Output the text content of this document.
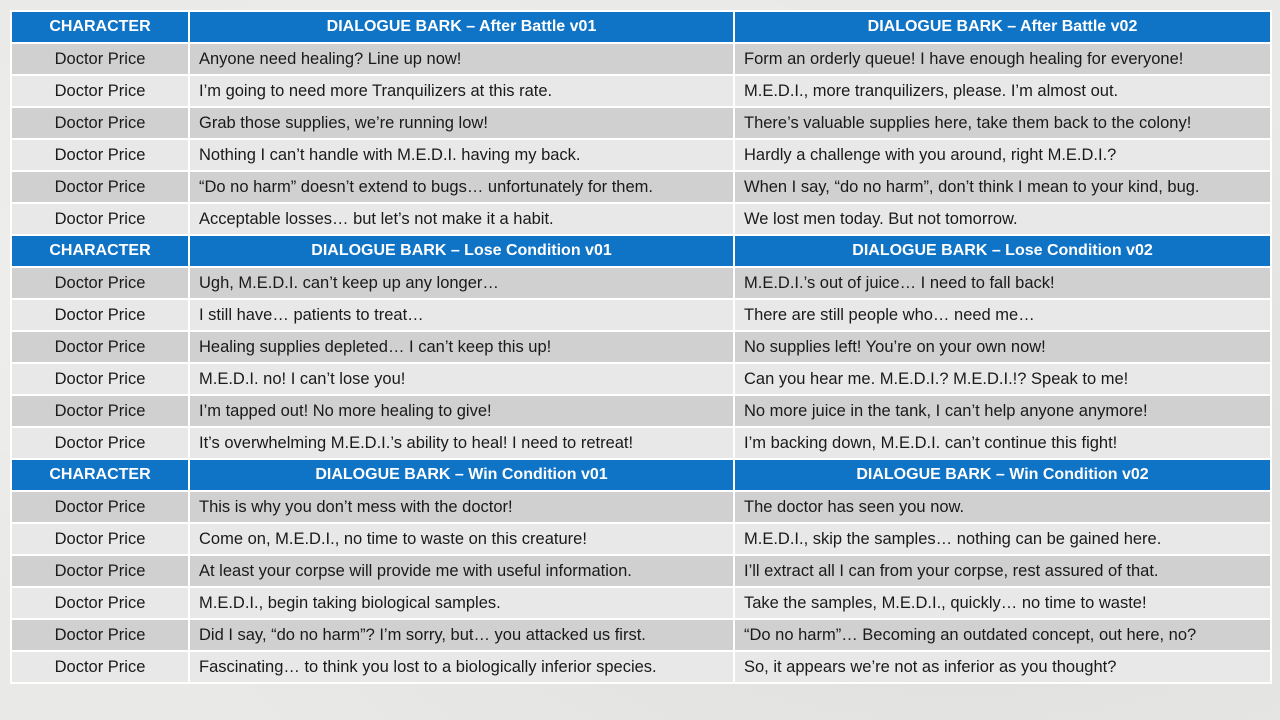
CHARACTER	DIALOGUE BARK – After Battle v01	DIALOGUE BARK – After Battle v02
Doctor Price	Anyone need healing? Line up now!	Form an orderly queue! I have enough healing for everyone!
Doctor Price	I’m going to need more Tranquilizers at this rate.	M.E.D.I., more tranquilizers, please. I’m almost out.
Doctor Price	Grab those supplies, we’re running low!	There’s valuable supplies here, take them back to the colony!
Doctor Price	Nothing I can’t handle with M.E.D.I. having my back.	Hardly a challenge with you around, right M.E.D.I.?
Doctor Price	“Do no harm” doesn’t extend to bugs… unfortunately for them.	When I say, “do no harm”, don’t think I mean to your kind, bug.
Doctor Price	Acceptable losses… but let’s not make it a habit.	We lost men today. But not tomorrow.
CHARACTER	DIALOGUE BARK – Lose Condition v01	DIALOGUE BARK – Lose Condition v02
Doctor Price	Ugh, M.E.D.I. can’t keep up any longer…	M.E.D.I.’s out of juice… I need to fall back!
Doctor Price	I still have… patients to treat…	There are still people who… need me…
Doctor Price	Healing supplies depleted… I can’t keep this up!	No supplies left! You’re on your own now!
Doctor Price	M.E.D.I. no! I can’t lose you!	Can you hear me. M.E.D.I.? M.E.D.I.!? Speak to me!
Doctor Price	I’m tapped out! No more healing to give!	No more juice in the tank, I can’t help anyone anymore!
Doctor Price	It’s overwhelming M.E.D.I.’s ability to heal! I need to retreat!	I’m backing down, M.E.D.I. can’t continue this fight!
CHARACTER	DIALOGUE BARK – Win Condition v01	DIALOGUE BARK – Win Condition v02
Doctor Price	This is why you don’t mess with the doctor!	The doctor has seen you now.
Doctor Price	Come on, M.E.D.I., no time to waste on this creature!	M.E.D.I., skip the samples… nothing can be gained here.
Doctor Price	At least your corpse will provide me with useful information.	I’ll extract all I can from your corpse, rest assured of that.
Doctor Price	M.E.D.I., begin taking biological samples.	Take the samples, M.E.D.I., quickly… no time to waste!
Doctor Price	Did I say, “do no harm”? I’m sorry, but… you attacked us first.	“Do no harm”… Becoming an outdated concept, out here, no?
Doctor Price	Fascinating… to think you lost to a biologically inferior species.	So, it appears we’re not as inferior as you thought?
